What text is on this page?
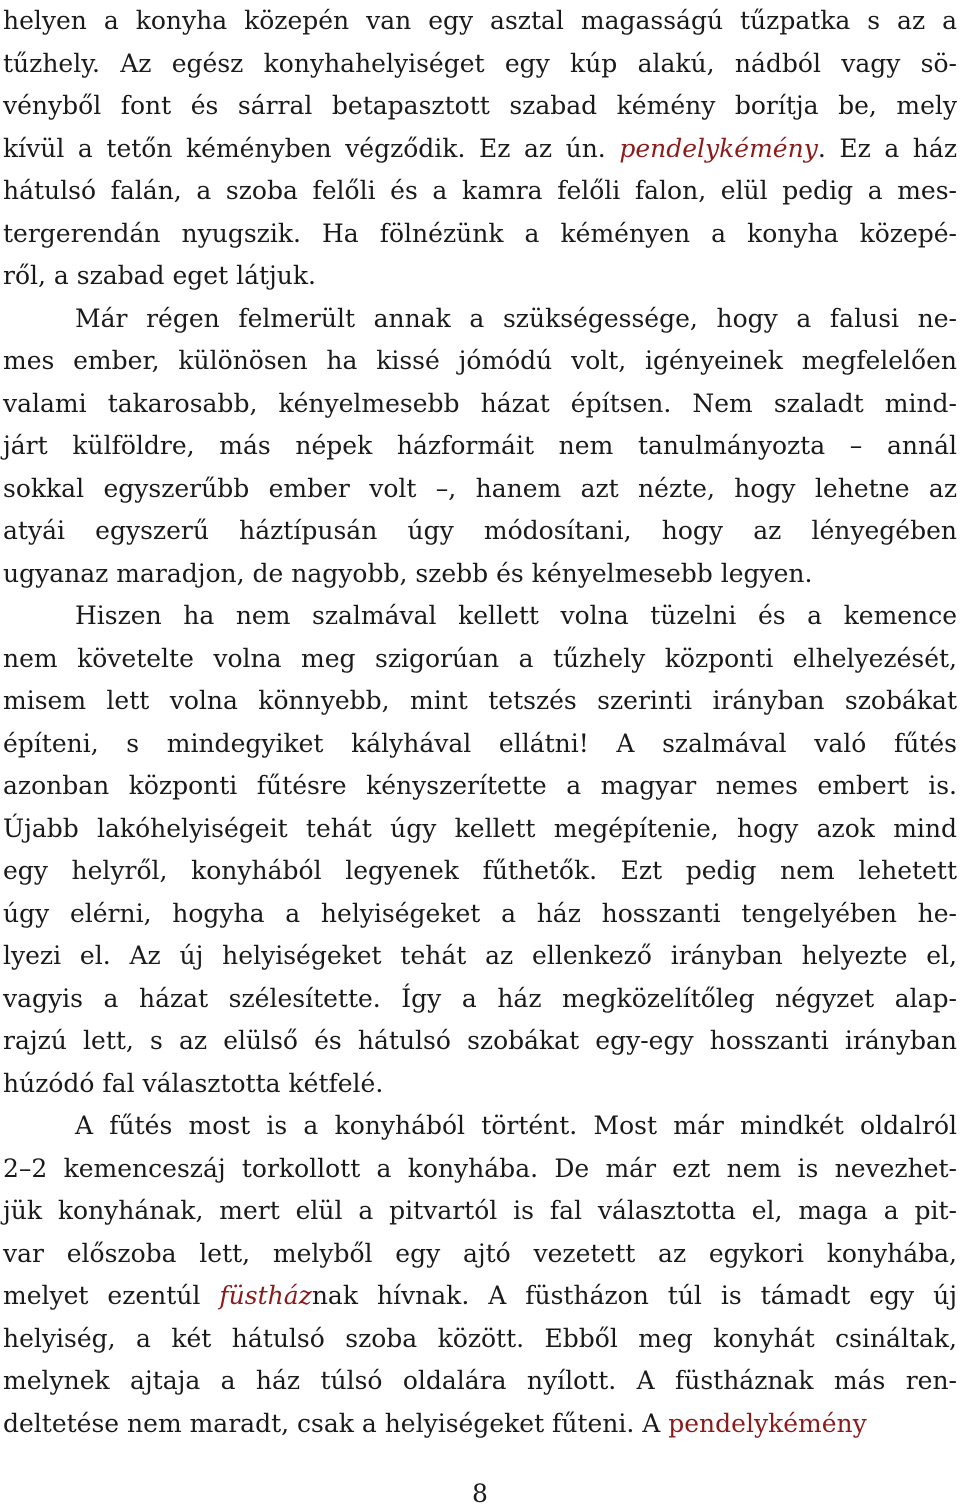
helyen a konyha közepén van egy asztal magasságú tűzpatka s az a
tűzhely. Az egész konyhahelyiséget egy kúp alakú, nádból vagy sö-
vényből font és sárral betapasztott szabad kémény borítja be, mely
kívül a tetőn kéményben végződik. Ez az ún. pendelykémény. Ez a ház
hátulsó falán, a szoba felőli és a kamra felőli falon, elül pedig a mes-
tergerendán nyugszik. Ha fölnézünk a kéményen a konyha közepé-
ről, a szabad eget látjuk.
Már régen felmerült annak a szükségessége, hogy a falusi ne-
mes ember, különösen ha kissé jómódú volt, igényeinek megfelelően
valami takarosabb, kényelmesebb házat építsen. Nem szaladt mind-
járt külföldre, más népek házformáit nem tanulmányozta – annál
sokkal egyszerűbb ember volt –, hanem azt nézte, hogy lehetne az
atyái egyszerű háztípusán úgy módosítani, hogy az lényegében
ugyanaz maradjon, de nagyobb, szebb és kényelmesebb legyen.
Hiszen ha nem szalmával kellett volna tüzelni és a kemence
nem követelte volna meg szigorúan a tűzhely központi elhelyezését,
misem lett volna könnyebb, mint tetszés szerinti irányban szobákat
építeni, s mindegyiket kályhával ellátni! A szalmával való fűtés
azonban központi fűtésre kényszerítette a magyar nemes embert is.
Újabb lakóhelyiségeit tehát úgy kellett megépítenie, hogy azok mind
egy helyről, konyhából legyenek fűthetők. Ezt pedig nem lehetett
úgy elérni, hogyha a helyiségeket a ház hosszanti tengelyében he-
lyezi el. Az új helyiségeket tehát az ellenkező irányban helyezte el,
vagyis a házat szélesítette. Így a ház megközelítőleg négyzet alap-
rajzú lett, s az elülső és hátulsó szobákat egy-egy hosszanti irányban
húzódó fal választotta kétfelé.
A fűtés most is a konyhából történt. Most már mindkét oldalról
2–2 kemenceszáj torkollott a konyhába. De már ezt nem is nevezhet-
jük konyhának, mert elül a pitvartól is fal választotta el, maga a pit-
var előszoba lett, melyből egy ajtó vezetett az egykori konyhába,
melyet ezentúl füstháznak hívnak. A füstházon túl is támadt egy új
helyiség, a két hátulsó szoba között. Ebből meg konyhát csináltak,
melynek ajtaja a ház túlsó oldalára nyílott. A füstháznak más ren-
deltetése nem maradt, csak a helyiségeket fűteni. A pendelykémény
8
